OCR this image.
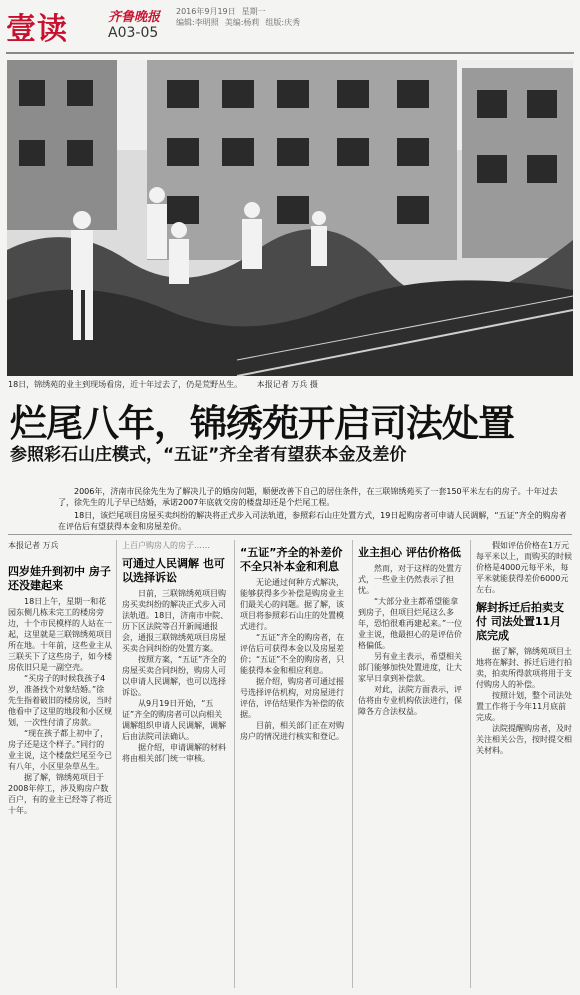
壹读	齐鲁晚报
A03-05
2016年9月19日 星期一
编辑:李明照 美编:杨莉 组版:庆秀
18日，锦绣苑的业主到现场看房，近十年过去了，仍是荒野丛生。 本报记者 万兵 摄
烂尾八年，锦绣苑开启司法处置
参照彩石山庄模式，“五证”齐全者有望获本金及差价

2006年，济南市民徐先生为了解决儿子的婚房问题，顺便改善下自己的居住条件，在三联锦绣苑买了一套150平米左右的房子。十年过去了，徐先生的儿子早已结婚，承诺2007年底就交房的楼盘却还是个烂尾工程。

18日，该烂尾项目房屋买卖纠纷的解决将正式步入司法轨道，参照彩石山庄处置方式，19日起购房者可申请人民调解，“五证”齐全的购房者在评估后有望获得本金和房屋差价。

本报记者 万兵

四岁娃升到初中 房子还没建起来

18日上午，星期一和花园东侧几栋未完工的楼房旁边，十个市民模样的人站在一起，这里就是三联锦绣苑项目所在地。十年前，这些业主从三联买下了这些房子，如今楼房依旧只是一副空壳。

“买房子的时候我孩子4岁，准备找个对象结婚。”徐先生指着破旧的楼房说，当时他看中了这里的地段和小区规划，一次性付清了房款。

“现在孩子都上初中了，房子还是这个样子。”同行的业主说，这个楼盘烂尾至今已有八年，小区里杂草丛生。

据了解，锦绣苑项目于2008年停工，涉及购房户数百户，有的业主已经等了将近十年。

上百户购房人的房子……

可通过人民调解 也可以选择诉讼

日前，三联锦绣苑项目购房买卖纠纷的解决正式步入司法轨道。18日，济南市中院、历下区法院等召开新闻通报会，通报三联锦绣苑项目房屋买卖合同纠纷的处置方案。

按照方案，“五证”齐全的房屋买卖合同纠纷，购房人可以申请人民调解，也可以选择诉讼。

从9月19日开始，“五证”齐全的购房者可以向相关调解组织申请人民调解，调解后由法院司法确认。

据介绍，申请调解的材料将由相关部门统一审核。

“五证”齐全的补差价 不全只补本金和利息

无论通过何种方式解决，能够获得多少补偿是购房业主们最关心的问题。据了解，该项目将参照彩石山庄的处置模式进行。

“五证”齐全的购房者，在评估后可获得本金以及房屋差价；“五证”不全的购房者，只能获得本金和相应利息。

据介绍，购房者可通过摇号选择评估机构，对房屋进行评估，评估结果作为补偿的依据。

目前，相关部门正在对购房户的情况进行核实和登记。

业主担心 评估价格低

然而，对于这样的处置方式，一些业主仍然表示了担忧。

“大部分业主都希望能拿到房子，但项目烂尾这么多年，恐怕很难再建起来。”一位业主说，他最担心的是评估价格偏低。

另有业主表示，希望相关部门能够加快处置进度，让大家早日拿到补偿款。

对此，法院方面表示，评估将由专业机构依法进行，保障各方合法权益。

假如评估价格在1万元每平米以上，而购买的时候价格是4000元每平米，每平米就能获得差价6000元左右。

解封拆迁后拍卖支付 司法处置11月底完成

据了解，锦绣苑项目土地将在解封、拆迁后进行拍卖，拍卖所得款项将用于支付购房人的补偿。

按照计划，整个司法处置工作将于今年11月底前完成。

法院提醒购房者，及时关注相关公告，按时提交相关材料。
